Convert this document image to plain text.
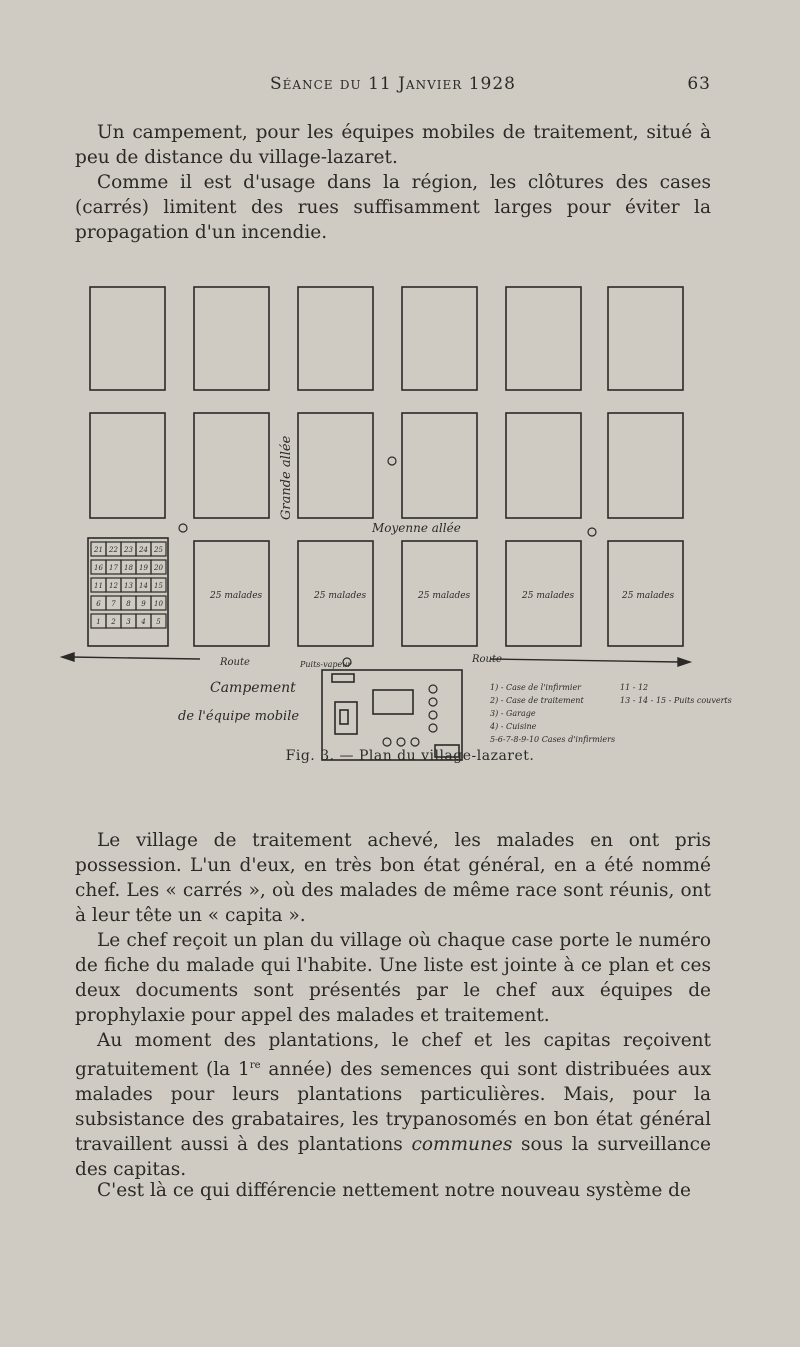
Séance du 11 Janvier 1928	63

Un campement, pour les équipes mobiles de traitement, situé à peu de distance du village-lazaret.

Comme il est d'usage dans la région, les clôtures des cases (carrés) limitent des rues suffisamment larges pour éviter la propagation d'un incendie.

21 22 23 24 25
16 17 18 19 20
11 12 13 14 15
6 7 8 9 10
1 2 3 4 5
Grande allée
Moyenne allée
Route	Route
Campement
de l'équipe mobile
Puits-vapeur
25 malades	25 malades	25 malades	25 malades	25 malades
1) - Case de l'infirmier
2) - Case de traitement
3) - Garage
4) - Cuisine
5-6-7-8-9-10 Cases d'infirmiers
11 - 12
13 - 14 - 15 - Puits couverts
Fig. 3. — Plan du village-lazaret.

Le village de traitement achevé, les malades en ont pris possession. L'un d'eux, en très bon état général, en a été nommé chef. Les « carrés », où des malades de même race sont réunis, ont à leur tête un « capita ».

Le chef reçoit un plan du village où chaque case porte le numéro de fiche du malade qui l'habite. Une liste est jointe à ce plan et ces deux documents sont présentés par le chef aux équipes de prophylaxie pour appel des malades et traitement.

Au moment des plantations, le chef et les capitas reçoivent gratuitement (la 1re année) des semences qui sont distribuées aux malades pour leurs plantations particulières. Mais, pour la subsistance des grabataires, les trypanosomés en bon état général travaillent aussi à des plantations communes sous la surveillance des capitas.

C'est là ce qui différencie nettement notre nouveau système de
